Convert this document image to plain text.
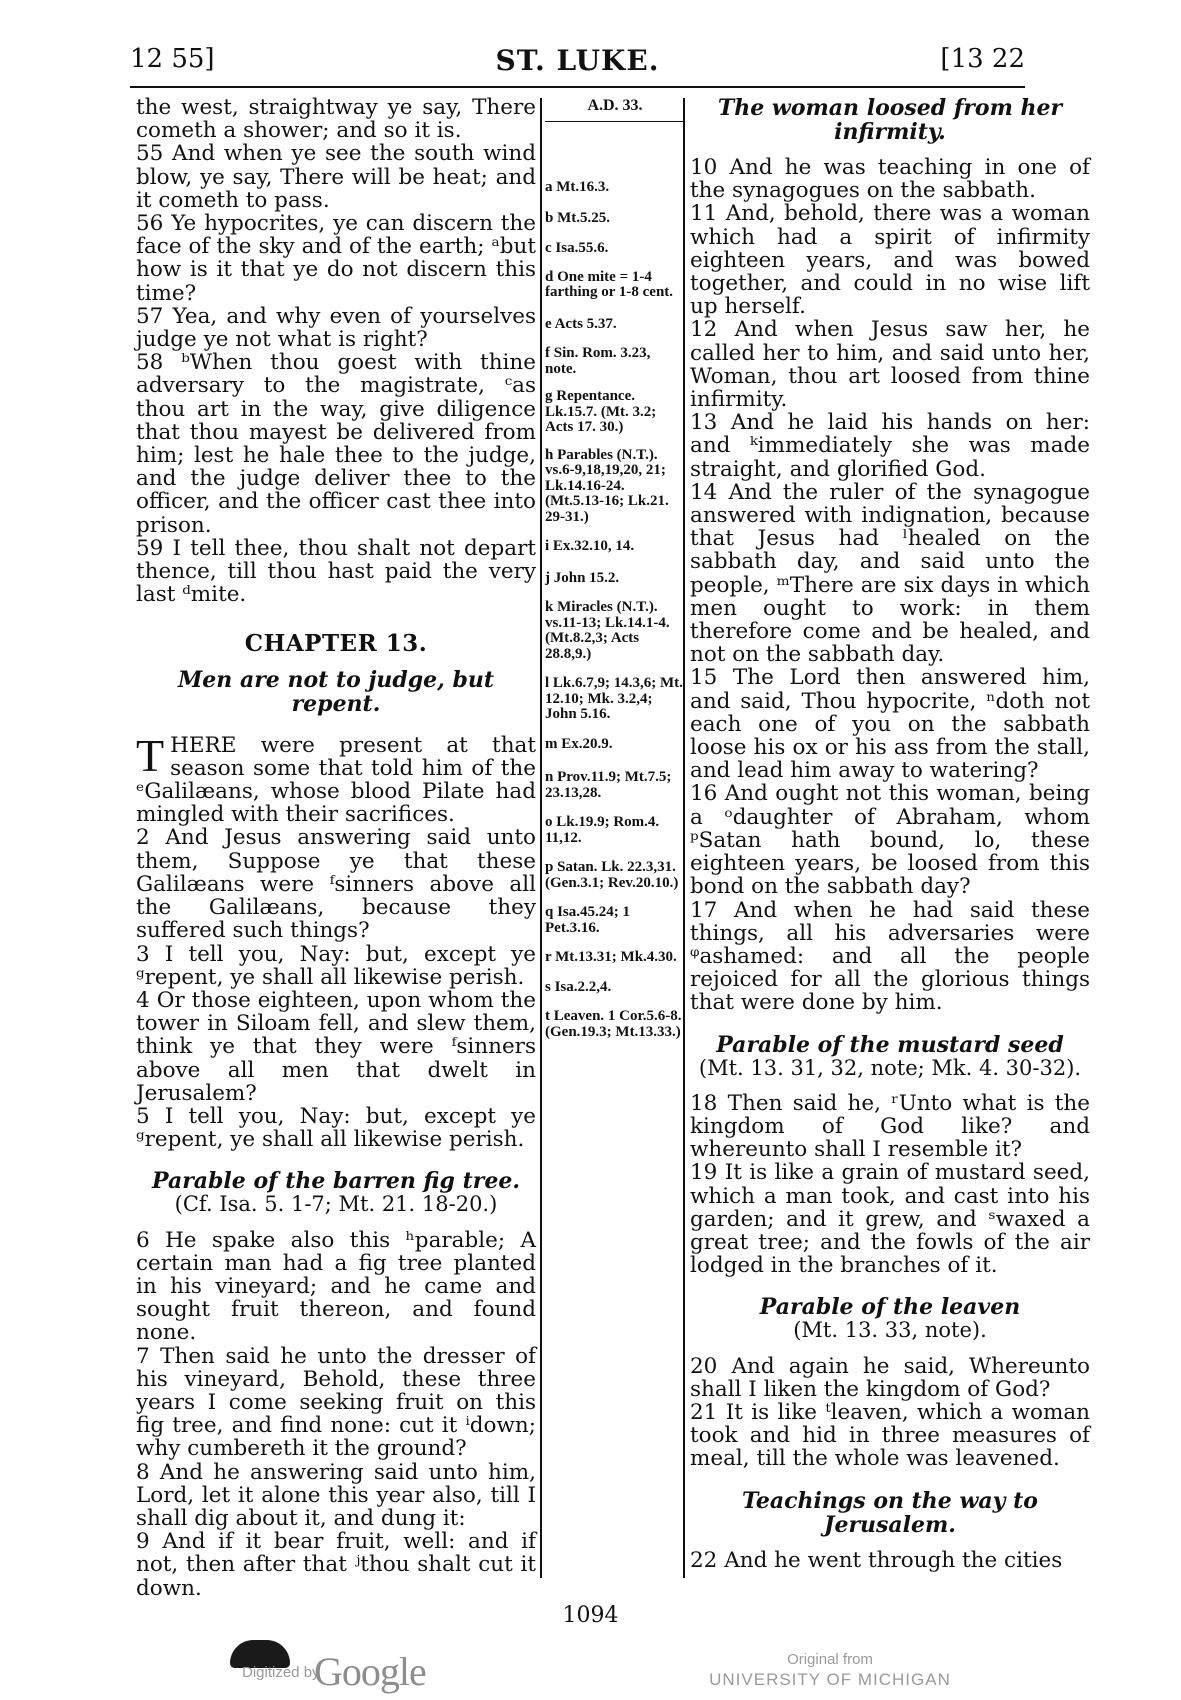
12 55]	ST. LUKE.	[13 22

the west, straightway ye say, There cometh a shower; and so it is.

55 And when ye see the south wind blow, ye say, There will be heat; and it cometh to pass.

56 Ye hypocrites, ye can discern the face of the sky and of the earth; ᵃbut how is it that ye do not discern this time?

57 Yea, and why even of yourselves judge ye not what is right?

58 ᵇWhen thou goest with thine adversary to the magistrate, ᶜas thou art in the way, give diligence that thou mayest be delivered from him; lest he hale thee to the judge, and the judge deliver thee to the officer, and the officer cast thee into prison.

59 I tell thee, thou shalt not depart thence, till thou hast paid the very last ᵈmite.

CHAPTER 13.

Men are not to judge, but repent.

THERE were present at that season some that told him of the ᵉGalilæans, whose blood Pilate had mingled with their sacrifices.

2 And Jesus answering said unto them, Suppose ye that these Galilæans were ᶠsinners above all the Galilæans, because they suffered such things?

3 I tell you, Nay: but, except ye ᵍrepent, ye shall all likewise perish.

4 Or those eighteen, upon whom the tower in Siloam fell, and slew them, think ye that they were ᶠsinners above all men that dwelt in Jerusalem?

5 I tell you, Nay: but, except ye ᵍrepent, ye shall all likewise perish.

Parable of the barren fig tree.

(Cf. Isa. 5. 1-7; Mt. 21. 18-20.)

6 He spake also this ʰparable; A certain man had a fig tree planted in his vineyard; and he came and sought fruit thereon, and found none.

7 Then said he unto the dresser of his vineyard, Behold, these three years I come seeking fruit on this fig tree, and find none: cut it ⁱdown; why cumbereth it the ground?

8 And he answering said unto him, Lord, let it alone this year also, till I shall dig about it, and dung it:

9 And if it bear fruit, well: and if not, then after that ʲthou shalt cut it down.

A.D. 33.

a Mt.16.3.

b Mt.5.25.

c Isa.55.6.

d One mite = 1-4 farthing or 1-8 cent.

e Acts 5.37.

f Sin. Rom. 3.23, note.

g Repentance. Lk.15.7. (Mt. 3.2; Acts 17. 30.)

h Parables (N.T.). vs.6-9,18,19,20, 21; Lk.14.16-24. (Mt.5.13-16; Lk.21. 29-31.)

i Ex.32.10, 14.

j John 15.2.

k Miracles (N.T.). vs.11-13; Lk.14.1-4. (Mt.8.2,3; Acts 28.8,9.)

l Lk.6.7,9; 14.3,6; Mt. 12.10; Mk. 3.2,4; John 5.16.

m Ex.20.9.

n Prov.11.9; Mt.7.5; 23.13,28.

o Lk.19.9; Rom.4. 11,12.

p Satan. Lk. 22.3,31. (Gen.3.1; Rev.20.10.)

q Isa.45.24; 1 Pet.3.16.

r Mt.13.31; Mk.4.30.

s Isa.2.2,4.

t Leaven. 1 Cor.5.6-8. (Gen.19.3; Mt.13.33.)

The woman loosed from her infirmity.

10 And he was teaching in one of the synagogues on the sabbath.

11 And, behold, there was a woman which had a spirit of infirmity eighteen years, and was bowed together, and could in no wise lift up herself.

12 And when Jesus saw her, he called her to him, and said unto her, Woman, thou art loosed from thine infirmity.

13 And he laid his hands on her: and ᵏimmediately she was made straight, and glorified God.

14 And the ruler of the synagogue answered with indignation, because that Jesus had ˡhealed on the sabbath day, and said unto the people, ᵐThere are six days in which men ought to work: in them therefore come and be healed, and not on the sabbath day.

15 The Lord then answered him, and said, Thou hypocrite, ⁿdoth not each one of you on the sabbath loose his ox or his ass from the stall, and lead him away to watering?

16 And ought not this woman, being a ᵒdaughter of Abraham, whom ᵖSatan hath bound, lo, these eighteen years, be loosed from this bond on the sabbath day?

17 And when he had said these things, all his adversaries were ᵠashamed: and all the people rejoiced for all the glorious things that were done by him.

Parable of the mustard seed

(Mt. 13. 31, 32, note; Mk. 4. 30-32).

18 Then said he, ʳUnto what is the kingdom of God like? and whereunto shall I resemble it?

19 It is like a grain of mustard seed, which a man took, and cast into his garden; and it grew, and ˢwaxed a great tree; and the fowls of the air lodged in the branches of it.

Parable of the leaven

(Mt. 13. 33, note).

20 And again he said, Whereunto shall I liken the kingdom of God?

21 It is like ᵗleaven, which a woman took and hid in three measures of meal, till the whole was leavened.

Teachings on the way to Jerusalem.

22 And he went through the cities

1094
Digitized by
Google	Original from
UNIVERSITY OF MICHIGAN
